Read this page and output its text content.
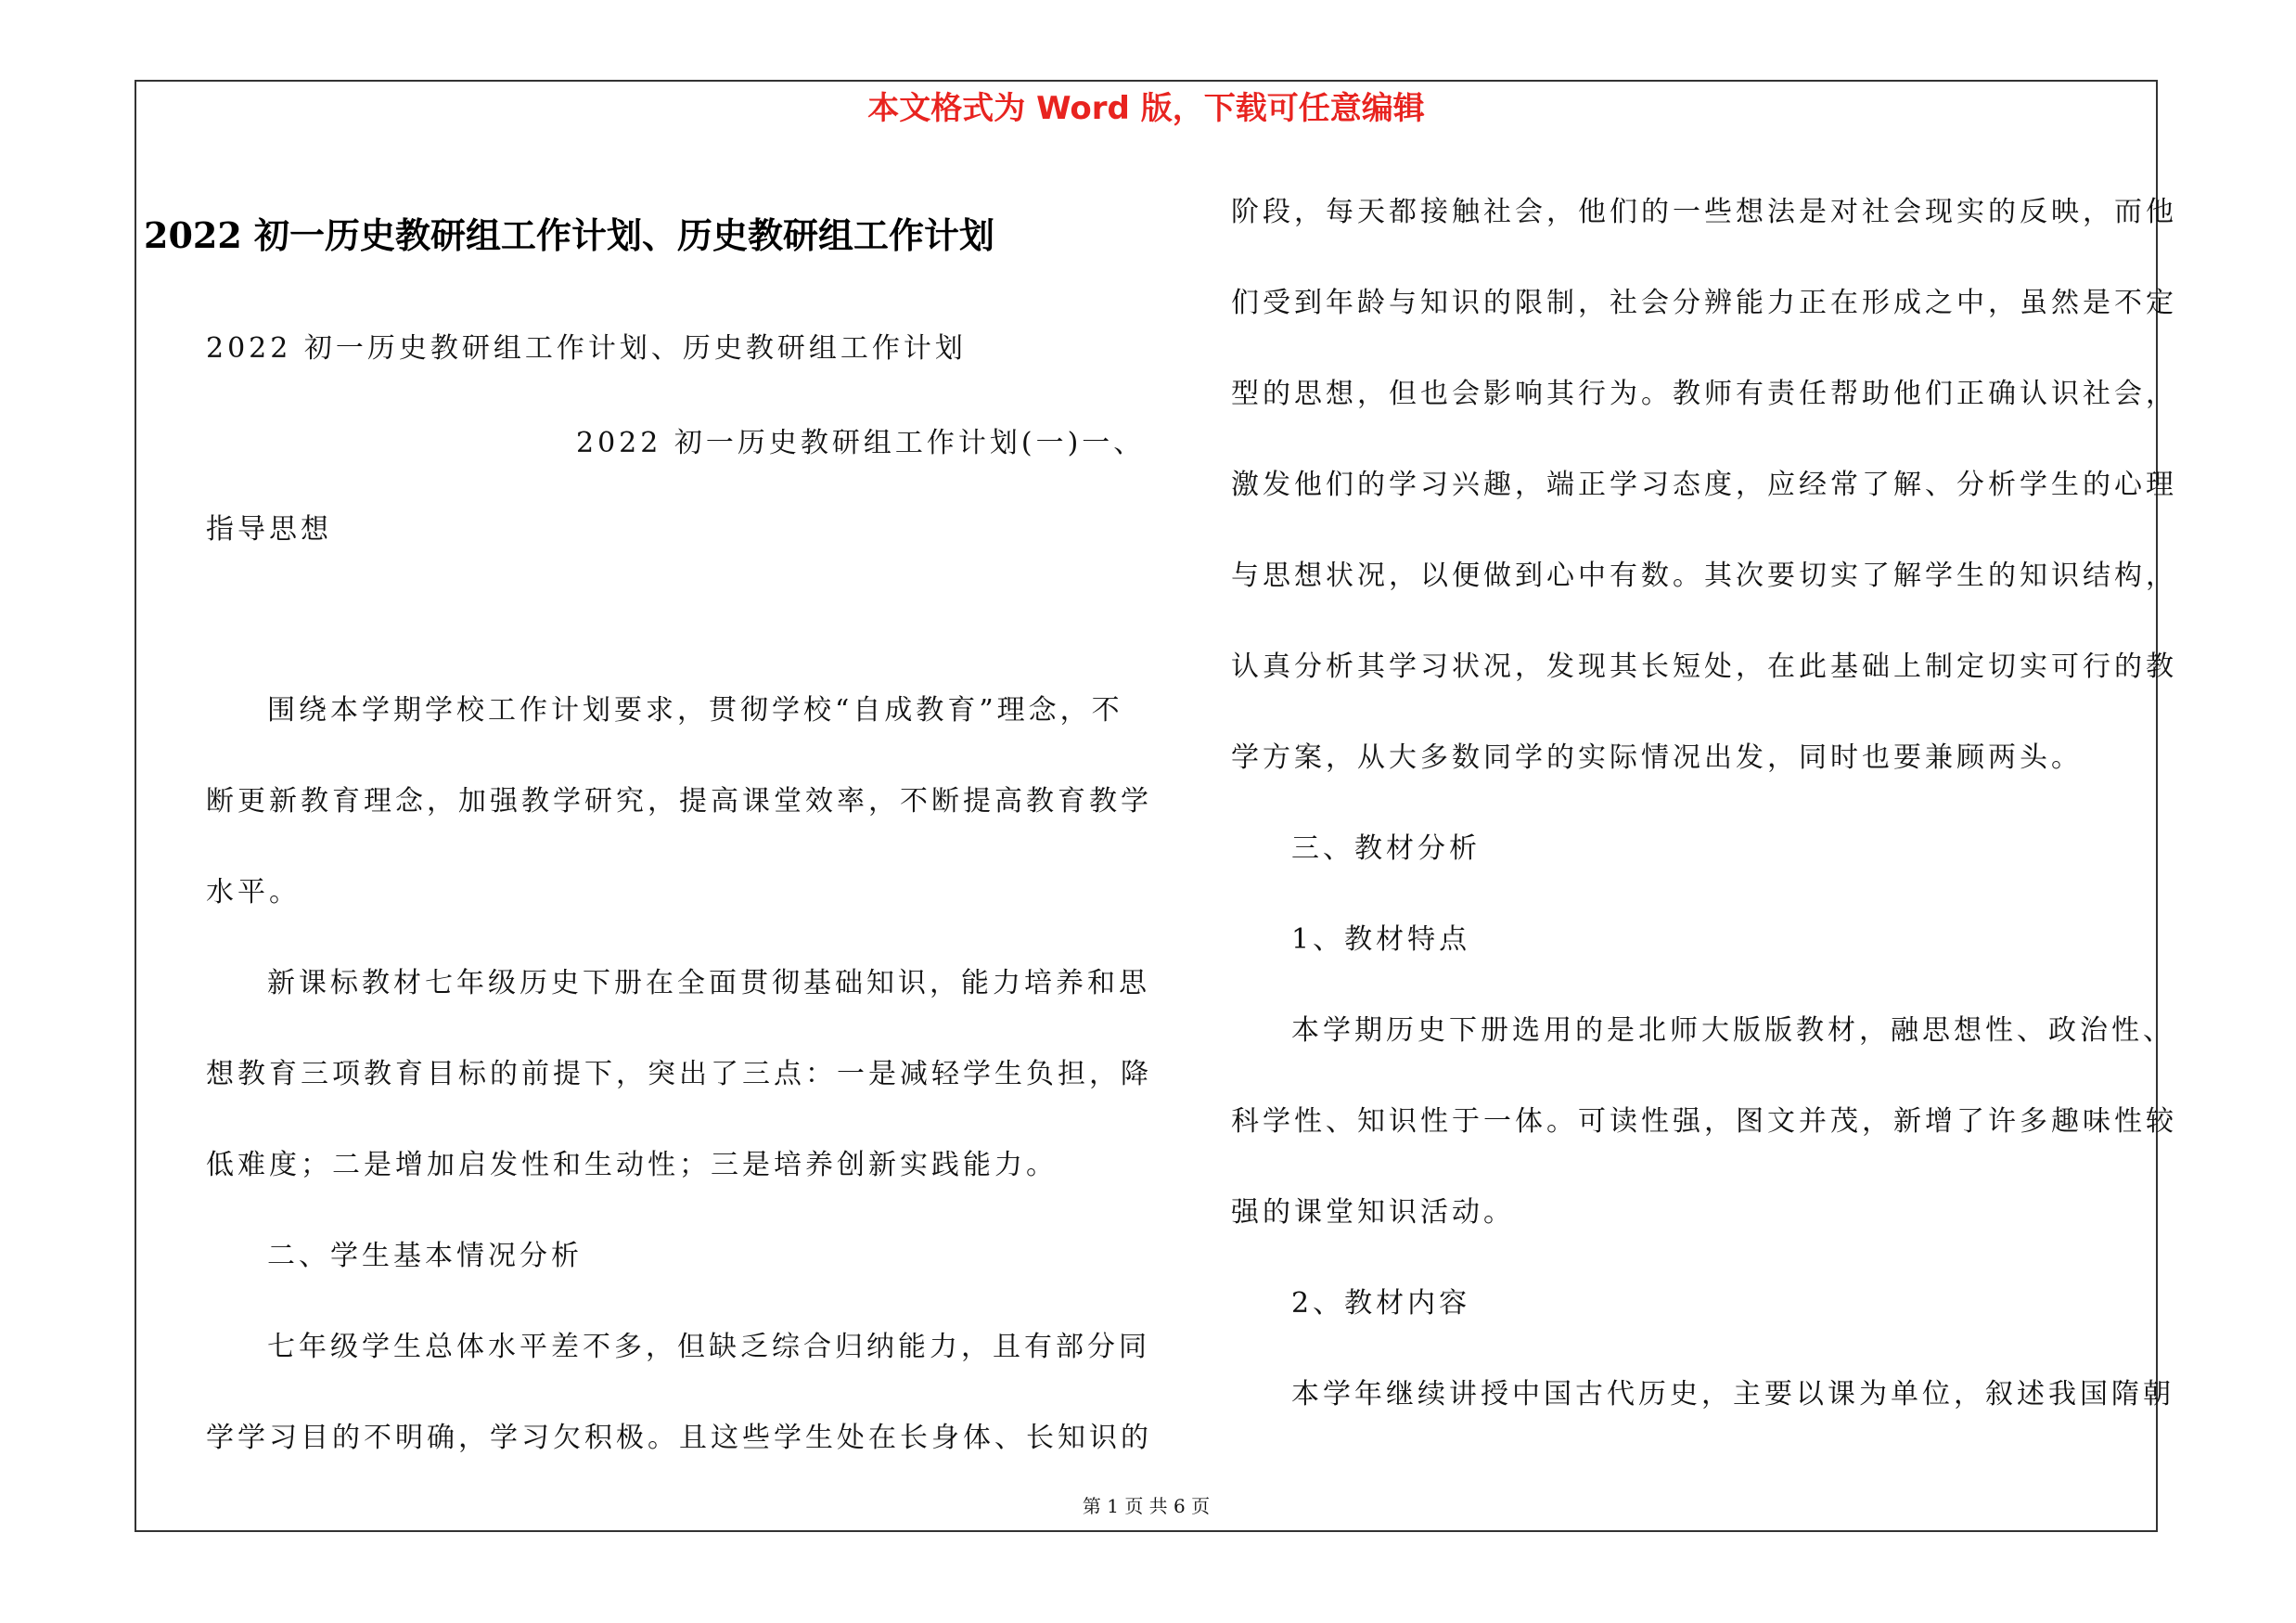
本文格式为 Word 版，下载可任意编辑
2022 初一历史教研组工作计划、历史教研组工作计划
2022 初一历史教研组工作计划、历史教研组工作计划
2022 初一历史教研组工作计划(一)一、
指导思想
围绕本学期学校工作计划要求，贯彻学校“自成教育”理念，不
断更新教育理念，加强教学研究，提高课堂效率，不断提高教育教学
水平。
新课标教材七年级历史下册在全面贯彻基础知识，能力培养和思
想教育三项教育目标的前提下，突出了三点：一是减轻学生负担，降
低难度；二是增加启发性和生动性；三是培养创新实践能力。
二、学生基本情况分析
七年级学生总体水平差不多，但缺乏综合归纳能力，且有部分同
学学习目的不明确，学习欠积极。且这些学生处在长身体、长知识的
阶段，每天都接触社会，他们的一些想法是对社会现实的反映，而他
们受到年龄与知识的限制，社会分辨能力正在形成之中，虽然是不定
型的思想，但也会影响其行为。教师有责任帮助他们正确认识社会，
激发他们的学习兴趣，端正学习态度，应经常了解、分析学生的心理
与思想状况，以便做到心中有数。其次要切实了解学生的知识结构，
认真分析其学习状况，发现其长短处，在此基础上制定切实可行的教
学方案，从大多数同学的实际情况出发，同时也要兼顾两头。
三、教材分析
1、教材特点
本学期历史下册选用的是北师大版版教材，融思想性、政治性、
科学性、知识性于一体。可读性强，图文并茂，新增了许多趣味性较
强的课堂知识活动。
2、教材内容
本学年继续讲授中国古代历史，主要以课为单位，叙述我国隋朝
第 1 页 共 6 页
